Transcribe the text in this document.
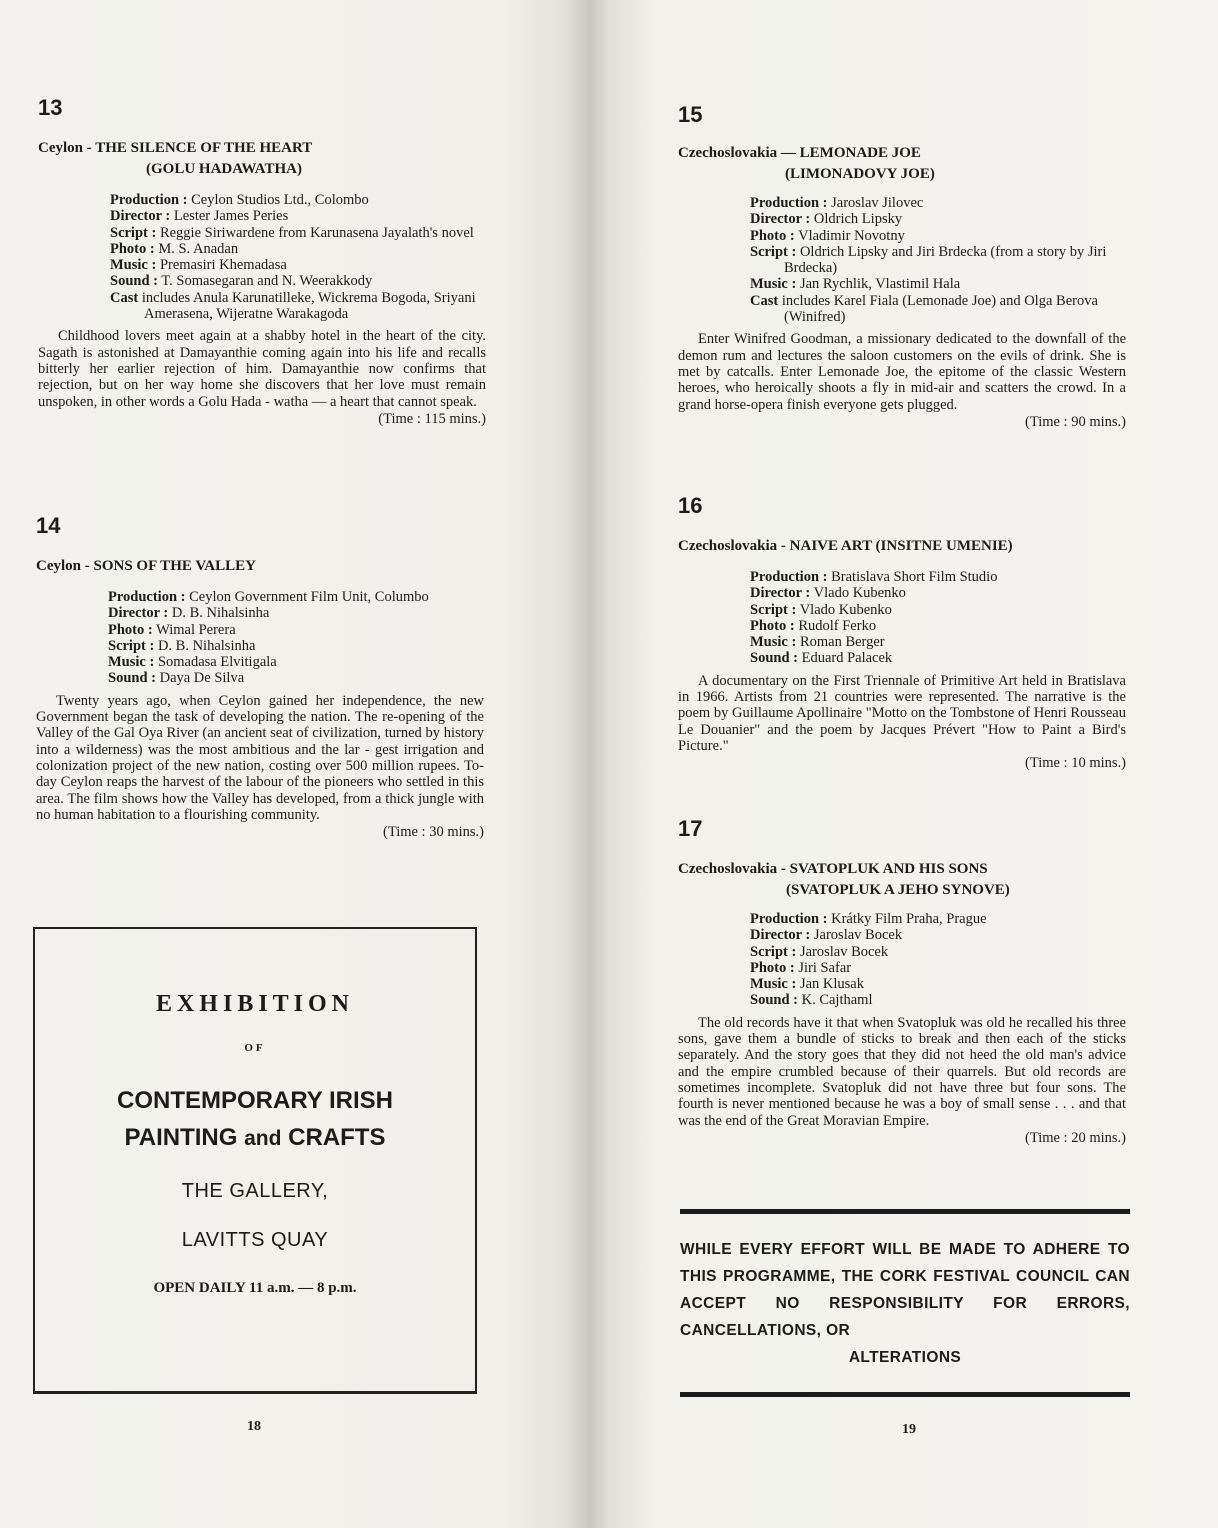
13
Ceylon - THE SILENCE OF THE HEART
(GOLU HADAWATHA)
Production : Ceylon Studios Ltd., Colombo
Director : Lester James Peries
Script : Reggie Siriwardene from Karunasena Jayalath's novel
Photo : M. S. Anadan
Music : Premasiri Khemadasa
Sound : T. Somasegaran and N. Weerakkody
Cast includes Anula Karunatilleke, Wickrema Bogoda, Sriyani Amerasena, Wijeratne Warakagoda
Childhood lovers meet again at a shabby hotel in the heart of the city. Sagath is astonished at Damayanthie coming again into his life and recalls bitterly her earlier rejection of him. Damayanthie now confirms that rejection, but on her way home she discovers that her love must remain unspoken, in other words a Golu Hada - watha — a heart that cannot speak.
(Time : 115 mins.)
14
Ceylon - SONS OF THE VALLEY
Production : Ceylon Government Film Unit, Columbo
Director : D. B. Nihalsinha
Photo : Wimal Perera
Script : D. B. Nihalsinha
Music : Somadasa Elvitigala
Sound : Daya De Silva
Twenty years ago, when Ceylon gained her independence, the new Government began the task of developing the nation. The re-opening of the Valley of the Gal Oya River (an ancient seat of civilization, turned by history into a wilderness) was the most ambitious and the lar - gest irrigation and colonization project of the new nation, costing over 500 million rupees. To-day Ceylon reaps the harvest of the labour of the pioneers who settled in this area. The film shows how the Valley has developed, from a thick jungle with no human habitation to a flourishing community.
(Time : 30 mins.)
EXHIBITION
OF
CONTEMPORARY IRISH
PAINTING and CRAFTS
THE GALLERY,
LAVITTS QUAY
OPEN DAILY 11 a.m. — 8 p.m.
18
15
Czechoslovakia — LEMONADE JOE
(LIMONADOVY JOE)
Production : Jaroslav Jilovec
Director : Oldrich Lipsky
Photo : Vladimir Novotny
Script : Oldrich Lipsky and Jiri Brdecka (from a story by Jiri Brdecka)
Music : Jan Rychlik, Vlastimil Hala
Cast includes Karel Fiala (Lemonade Joe) and Olga Berova (Winifred)
Enter Winifred Goodman, a missionary dedicated to the downfall of the demon rum and lectures the saloon customers on the evils of drink. She is met by catcalls. Enter Lemonade Joe, the epitome of the classic Western heroes, who heroically shoots a fly in mid-air and scatters the crowd. In a grand horse-opera finish everyone gets plugged.
(Time : 90 mins.)
16
Czechoslovakia - NAIVE ART (INSITNE UMENIE)
Production : Bratislava Short Film Studio
Director : Vlado Kubenko
Script : Vlado Kubenko
Photo : Rudolf Ferko
Music : Roman Berger
Sound : Eduard Palacek
A documentary on the First Triennale of Primitive Art held in Bratislava in 1966. Artists from 21 countries were represented. The narrative is the poem by Guillaume Apollinaire "Motto on the Tombstone of Henri Rousseau Le Douanier" and the poem by Jacques Prévert "How to Paint a Bird's Picture."
(Time : 10 mins.)
17
Czechoslovakia - SVATOPLUK AND HIS SONS
(SVATOPLUK A JEHO SYNOVE)
Production : Krátky Film Praha, Prague
Director : Jaroslav Bocek
Script : Jaroslav Bocek
Photo : Jiri Safar
Music : Jan Klusak
Sound : K. Cajthaml
The old records have it that when Svatopluk was old he recalled his three sons, gave them a bundle of sticks to break and then each of the sticks separately. And the story goes that they did not heed the old man's advice and the empire crumbled because of their quarrels. But old records are sometimes incomplete. Svatopluk did not have three but four sons. The fourth is never mentioned because he was a boy of small sense . . . and that was the end of the Great Moravian Empire.
(Time : 20 mins.)
WHILE EVERY EFFORT WILL BE MADE TO ADHERE TO THIS PROGRAMME, THE CORK FESTIVAL COUNCIL CAN ACCEPT NO RESPONSIBILITY FOR ERRORS, CANCELLATIONS, OR
ALTERATIONS
19
